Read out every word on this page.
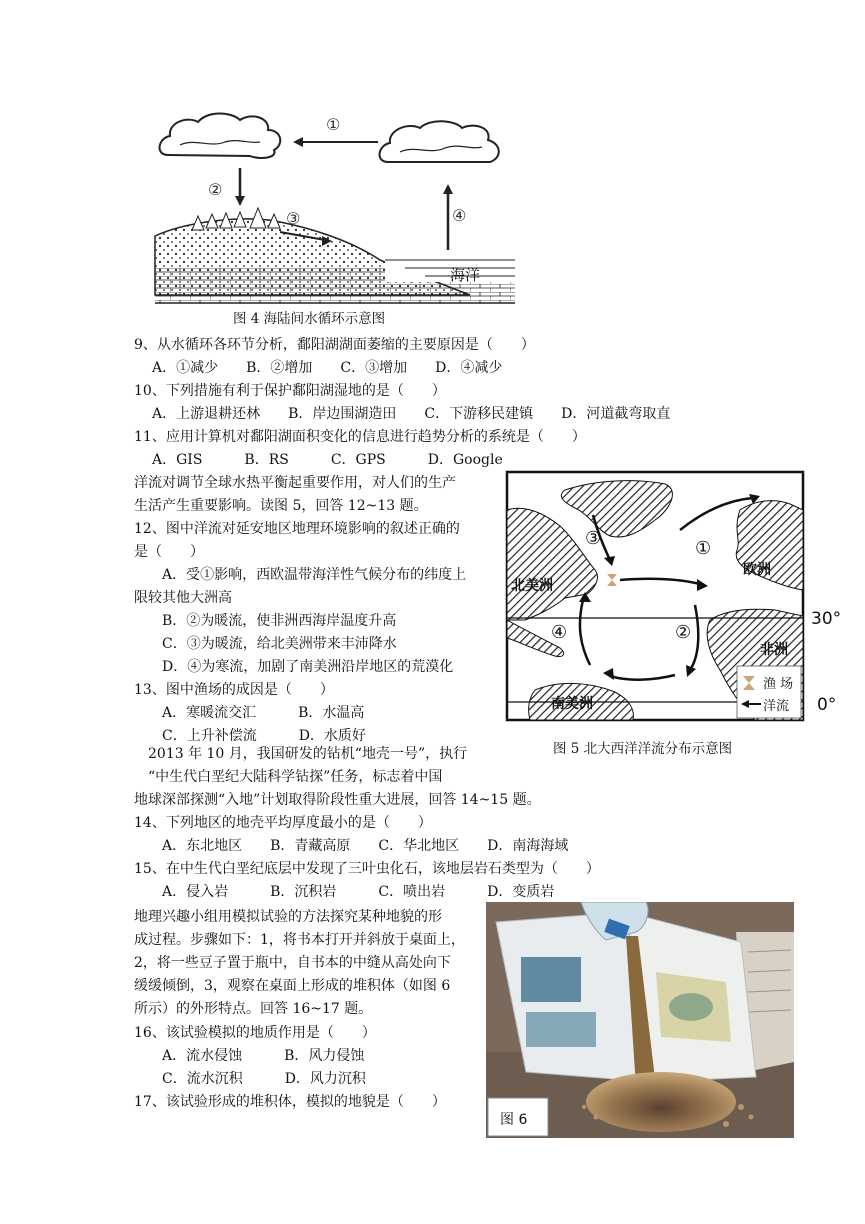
①
②
③	④
海洋
图 4 海陆间水循环示意图
9、从水循环各环节分析，鄱阳湖湖面萎缩的主要原因是（　　）
A．①减少　　B．②增加　　C．③增加　　D．④减少
10、下列措施有利于保护鄱阳湖湿地的是（　　）
A．上游退耕还林　　B．岸边围湖造田　　C．下游移民建镇　　D．河道截弯取直
11、应用计算机对鄱阳湖面积变化的信息进行趋势分析的系统是（　　）
A．GIS　　　B．RS　　　C．GPS　　　D．Google
洋流对调节全球水热平衡起重要作用，对人们的生产
生活产生重要影响。读图 5，回答 12~13 题。
12、图中洋流对延安地区地理环境影响的叙述正确的
是（　　）
A．受①影响，西欧温带海洋性气候分布的纬度上
限较其他大洲高
B．②为暖流，使非洲西海岸温度升高
C．③为暖流，给北美洲带来丰沛降水
D．④为寒流，加剧了南美洲沿岸地区的荒漠化
13、图中渔场的成因是（　　）
A．寒暖流交汇　　　B．水温高
C．上升补偿流　　　D．水质好
①
②
③
④
北美洲
欧洲
非洲
南美洲
渔 场
洋流
30°
0°
图 5 北大西洋洋流分布示意图
2013 年 10 月，我国研发的钻机“地壳一号”，执行
“中生代白垩纪大陆科学钻探”任务，标志着中国
地球深部探测“入地”计划取得阶段性重大进展，回答 14~15 题。
14、下列地区的地壳平均厚度最小的是（　　）
A．东北地区　　B．青藏高原　　C．华北地区　　D．南海海域
15、在中生代白垩纪底层中发现了三叶虫化石，该地层岩石类型为（　　）
A．侵入岩　　　B．沉积岩　　　C．喷出岩　　　D．变质岩
地理兴趣小组用模拟试验的方法探究某种地貌的形
成过程。步骤如下：1，将书本打开并斜放于桌面上，
2，将一些豆子置于瓶中，自书本的中缝从高处向下
缓缓倾倒，3，观察在桌面上形成的堆积体（如图 6
所示）的外形特点。回答 16~17 题。
16、该试验模拟的地质作用是（　　）
A．流水侵蚀　　　B．风力侵蚀
C．流水沉积　　　D．风力沉积
17、该试验形成的堆积体，模拟的地貌是（　　）
图 6
